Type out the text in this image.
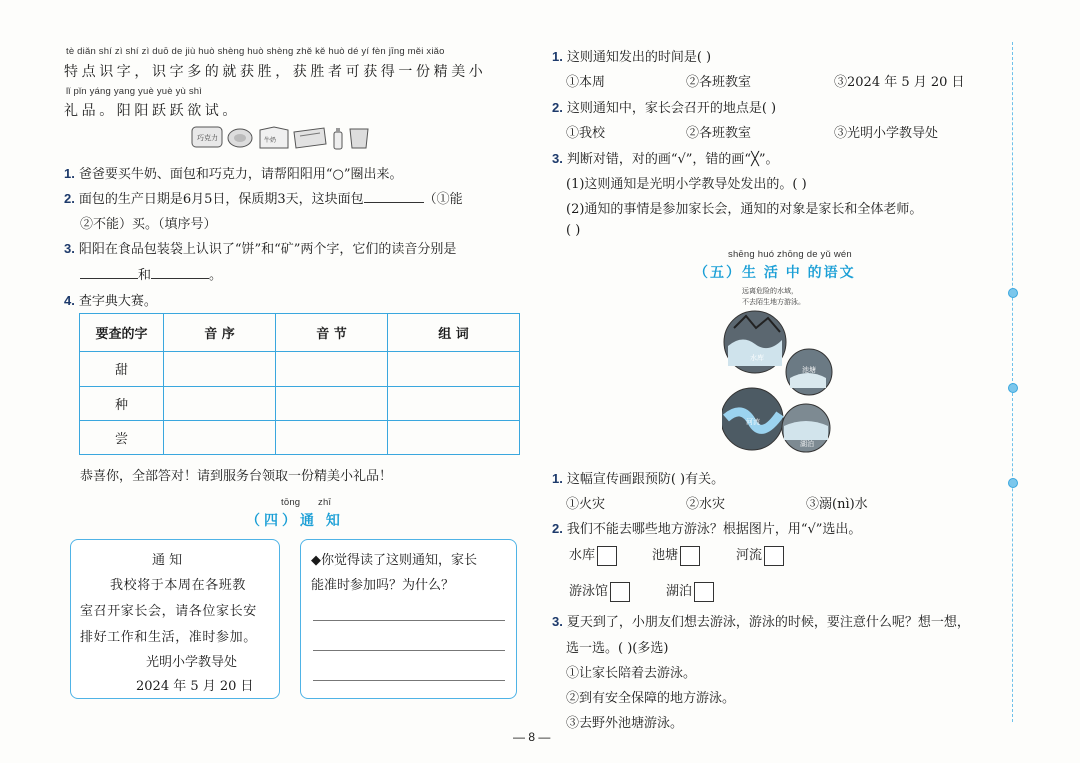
tè diǎn shí zì shí zì duō de jiù huò shèng huò shèng zhě kě huò dé yí fèn jīng měi xiǎo
特点识字，识字多的就获胜，获胜者可获得一份精美小
lǐ pǐn yáng yang yuè yuè yù shì
礼品。阳阳跃跃欲试。
巧克力	牛奶
1. 爸爸要买牛奶、面包和巧克力，请帮阳阳用“○”圈出来。
2. 面包的生产日期是6月5日，保质期3天，这块面包	（①能
②不能）买。（填序号）
3. 阳阳在食品包装袋上认识了“饼”和“矿”两个字，它们的读音分别是
和	。
4. 查字典大赛。
要查的字	音 序	音 节	组 词
甜			
种			
尝			
恭喜你，全部答对！请到服务台领取一份精美小礼品！
tōng zhī
（四）通 知
通 知
我校将于本周在各班教
室召开家长会，请各位家长安
排好工作和生活，准时参加。
光明小学教导处
2024 年 5 月 20 日
◆你觉得读了这则通知，家长
能准时参加吗？为什么？
1. 这则通知发出的时间是( )
①本周	②各班教室	③2024 年 5 月 20 日
2. 这则通知中，家长会召开的地点是( )
①我校	②各班教室	③光明小学教导处
3. 判断对错，对的画“√”，错的画“╳”。
(1)这则通知是光明小学教导处发出的。( )
(2)通知的事情是参加家长会，通知的对象是家长和全体老师。
( )
shēng huó zhōng de yǔ wén
（五）生 活 中 的语文
远离危险的水域，
不去陌生地方游泳。
水库
池塘
河流
湖泊
1. 这幅宣传画跟预防( )有关。
①火灾	②水灾	③溺(nì)水
2. 我们不能去哪些地方游泳？根据图片，用“√”选出。
水库	池塘	河流
游泳馆	湖泊
3. 夏天到了，小朋友们想去游泳，游泳的时候，要注意什么呢？想一想，
选一选。( )(多选)
①让家长陪着去游泳。
②到有安全保障的地方游泳。
③去野外池塘游泳。
— 8 —
